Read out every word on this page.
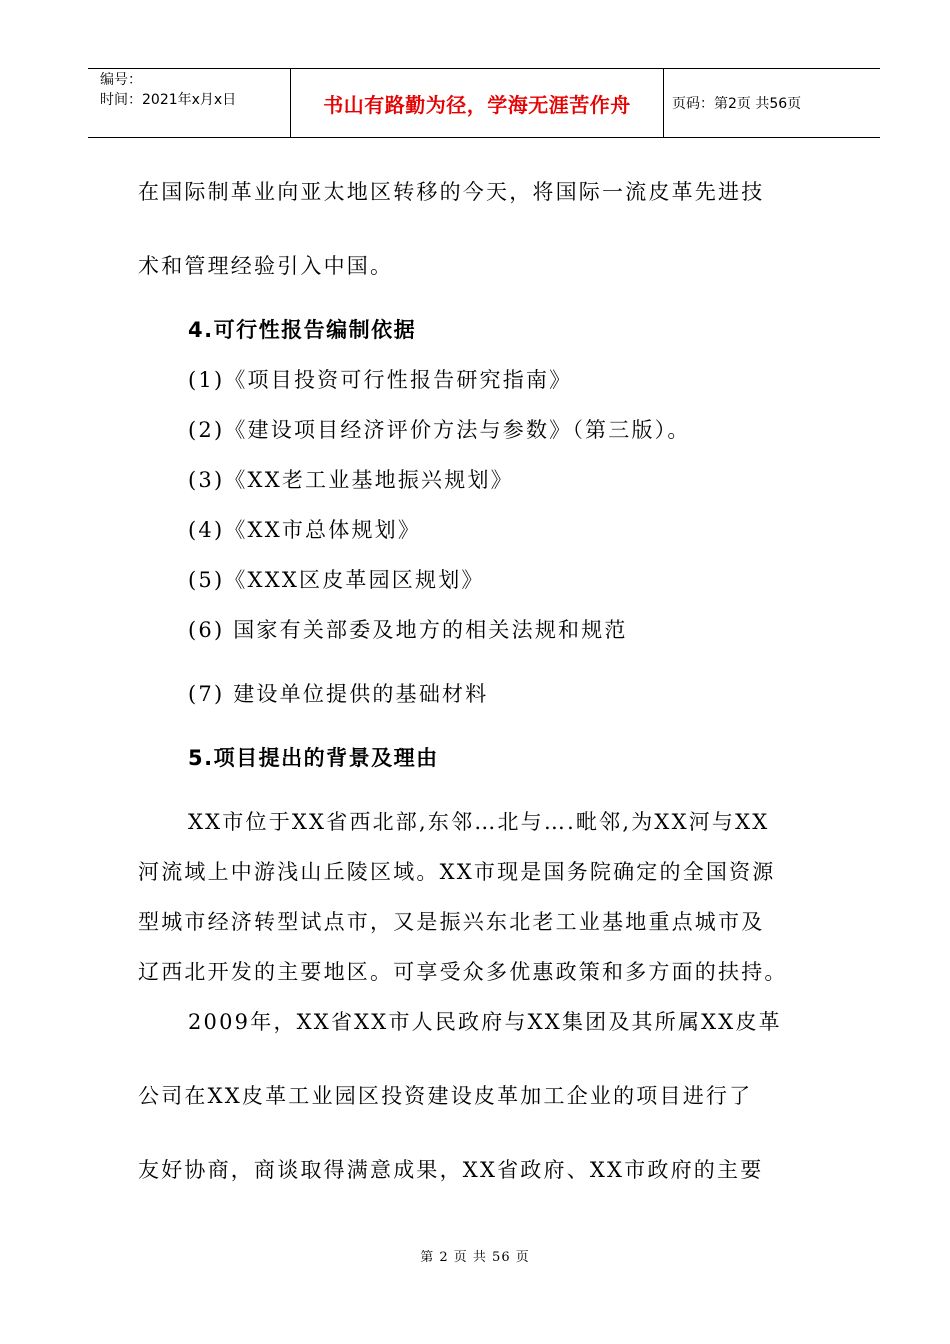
编号：
时间：2021年x月x日	书山有路勤为径，学海无涯苦作舟	页码：第2页 共56页
在国际制革业向亚太地区转移的今天，将国际一流皮革先进技
术和管理经验引入中国。
4.可行性报告编制依据
(1)《项目投资可行性报告研究指南》
(2)《建设项目经济评价方法与参数》（第三版）。
(3)《XX老工业基地振兴规划》
(4)《XX市总体规划》
(5)《XXX区皮革园区规划》
(6) 国家有关部委及地方的相关法规和规范
(7) 建设单位提供的基础材料
5.项目提出的背景及理由
XX市位于XX省西北部,东邻…北与….毗邻,为XX河与XX
河流域上中游浅山丘陵区域。XX市现是国务院确定的全国资源
型城市经济转型试点市，又是振兴东北老工业基地重点城市及
辽西北开发的主要地区。可享受众多优惠政策和多方面的扶持。
2009年，XX省XX市人民政府与XX集团及其所属XX皮革
公司在XX皮革工业园区投资建设皮革加工企业的项目进行了
友好协商，商谈取得满意成果，XX省政府、XX市政府的主要
第 2 页 共 56 页
